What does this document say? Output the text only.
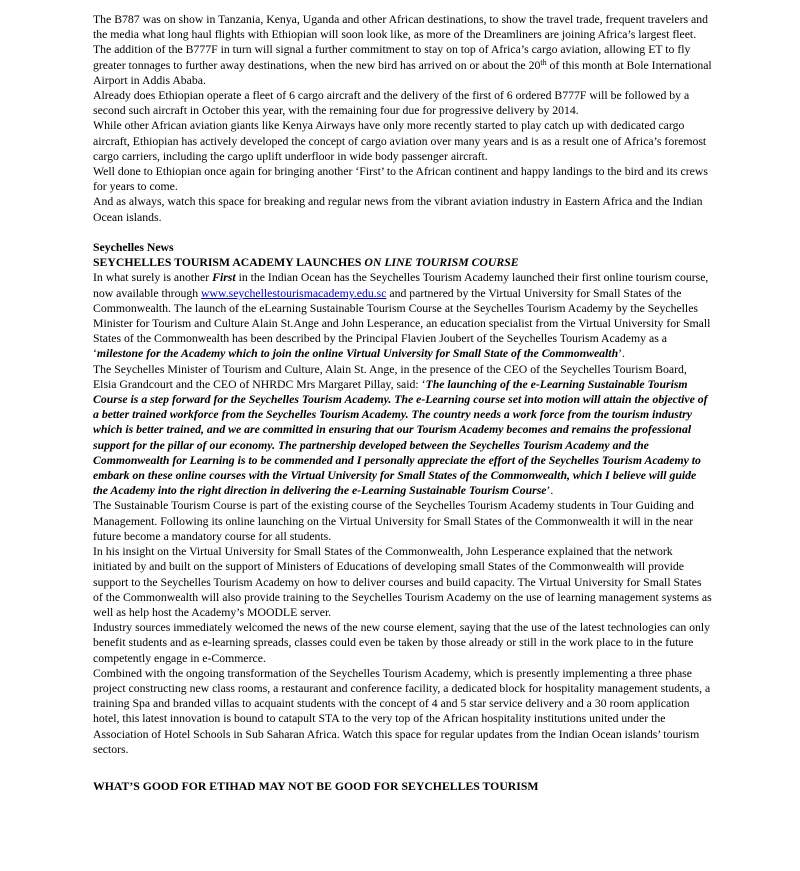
The B787 was on show in Tanzania, Kenya, Uganda and other African destinations, to show the travel trade, frequent travelers and the media what long haul flights with Ethiopian will soon look like, as more of the Dreamliners are joining Africa’s largest fleet.

The addition of the B777F in turn will signal a further commitment to stay on top of Africa’s cargo aviation, allowing ET to fly greater tonnages to further away destinations, when the new bird has arrived on or about the 20th of this month at Bole International Airport in Addis Ababa.

Already does Ethiopian operate a fleet of 6 cargo aircraft and the delivery of the first of 6 ordered B777F will be followed by a second such aircraft in October this year, with the remaining four due for progressive delivery by 2014.

While other African aviation giants like Kenya Airways have only more recently started to play catch up with dedicated cargo aircraft, Ethiopian has actively developed the concept of cargo aviation over many years and is as a result one of Africa’s foremost cargo carriers, including the cargo uplift underfloor in wide body passenger aircraft.

Well done to Ethiopian once again for bringing another ‘First’ to the African continent and happy landings to the bird and its crews for years to come.

And as always, watch this space for breaking and regular news from the vibrant aviation industry in Eastern Africa and the Indian Ocean islands.

Seychelles News

SEYCHELLES TOURISM ACADEMY LAUNCHES ON LINE TOURISM COURSE

In what surely is another First in the Indian Ocean has the Seychelles Tourism Academy launched their first online tourism course, now available through www.seychellestourismacademy.edu.sc and partnered by the Virtual University for Small States of the Commonwealth. The launch of the eLearning Sustainable Tourism Course at the Seychelles Tourism Academy by the Seychelles Minister for Tourism and Culture Alain St.Ange and John Lesperance, an education specialist from the Virtual University for Small States of the Commonwealth has been described by the Principal Flavien Joubert of the Seychelles Tourism Academy as a ‘milestone for the Academy which to join the online Virtual University for Small State of the Commonwealth’.

The Seychelles Minister of Tourism and Culture, Alain St. Ange, in the presence of the CEO of the Seychelles Tourism Board, Elsia Grandcourt and the CEO of NHRDC Mrs Margaret Pillay, said: ‘The launching of the e-Learning Sustainable Tourism Course is a step forward for the Seychelles Tourism Academy. The e-Learning course set into motion will attain the objective of a better trained workforce from the Seychelles Tourism Academy. The country needs a work force from the tourism industry which is better trained, and we are committed in ensuring that our Tourism Academy becomes and remains the professional support for the pillar of our economy. The partnership developed between the Seychelles Tourism Academy and the Commonwealth for Learning is to be commended and I personally appreciate the effort of the Seychelles Tourism Academy to embark on these online courses with the Virtual University for Small States of the Commonwealth, which I believe will guide the Academy into the right direction in delivering the e-Learning Sustainable Tourism Course’.

The Sustainable Tourism Course is part of the existing course of the Seychelles Tourism Academy students in Tour Guiding and Management. Following its online launching on the Virtual University for Small States of the Commonwealth it will in the near future become a mandatory course for all students.

In his insight on the Virtual University for Small States of the Commonwealth, John Lesperance explained that the network initiated by and built on the support of Ministers of Educations of developing small States of the Commonwealth will provide support to the Seychelles Tourism Academy on how to deliver courses and build capacity. The Virtual University for Small States of the Commonwealth will also provide training to the Seychelles Tourism Academy on the use of learning management systems as well as help host the Academy’s MOODLE server.

Industry sources immediately welcomed the news of the new course element, saying that the use of the latest technologies can only benefit students and as e-learning spreads, classes could even be taken by those already or still in the work place to in the future competently engage in e-Commerce.

Combined with the ongoing transformation of the Seychelles Tourism Academy, which is presently implementing a three phase project constructing new class rooms, a restaurant and conference facility, a dedicated block for hospitality management students, a training Spa and branded villas to acquaint students with the concept of 4 and 5 star service delivery and a 30 room application hotel, this latest innovation is bound to catapult STA to the very top of the African hospitality institutions united under the Association of Hotel Schools in Sub Saharan Africa. Watch this space for regular updates from the Indian Ocean islands’ tourism sectors.

WHAT’S GOOD FOR ETIHAD MAY NOT BE GOOD FOR SEYCHELLES TOURISM
